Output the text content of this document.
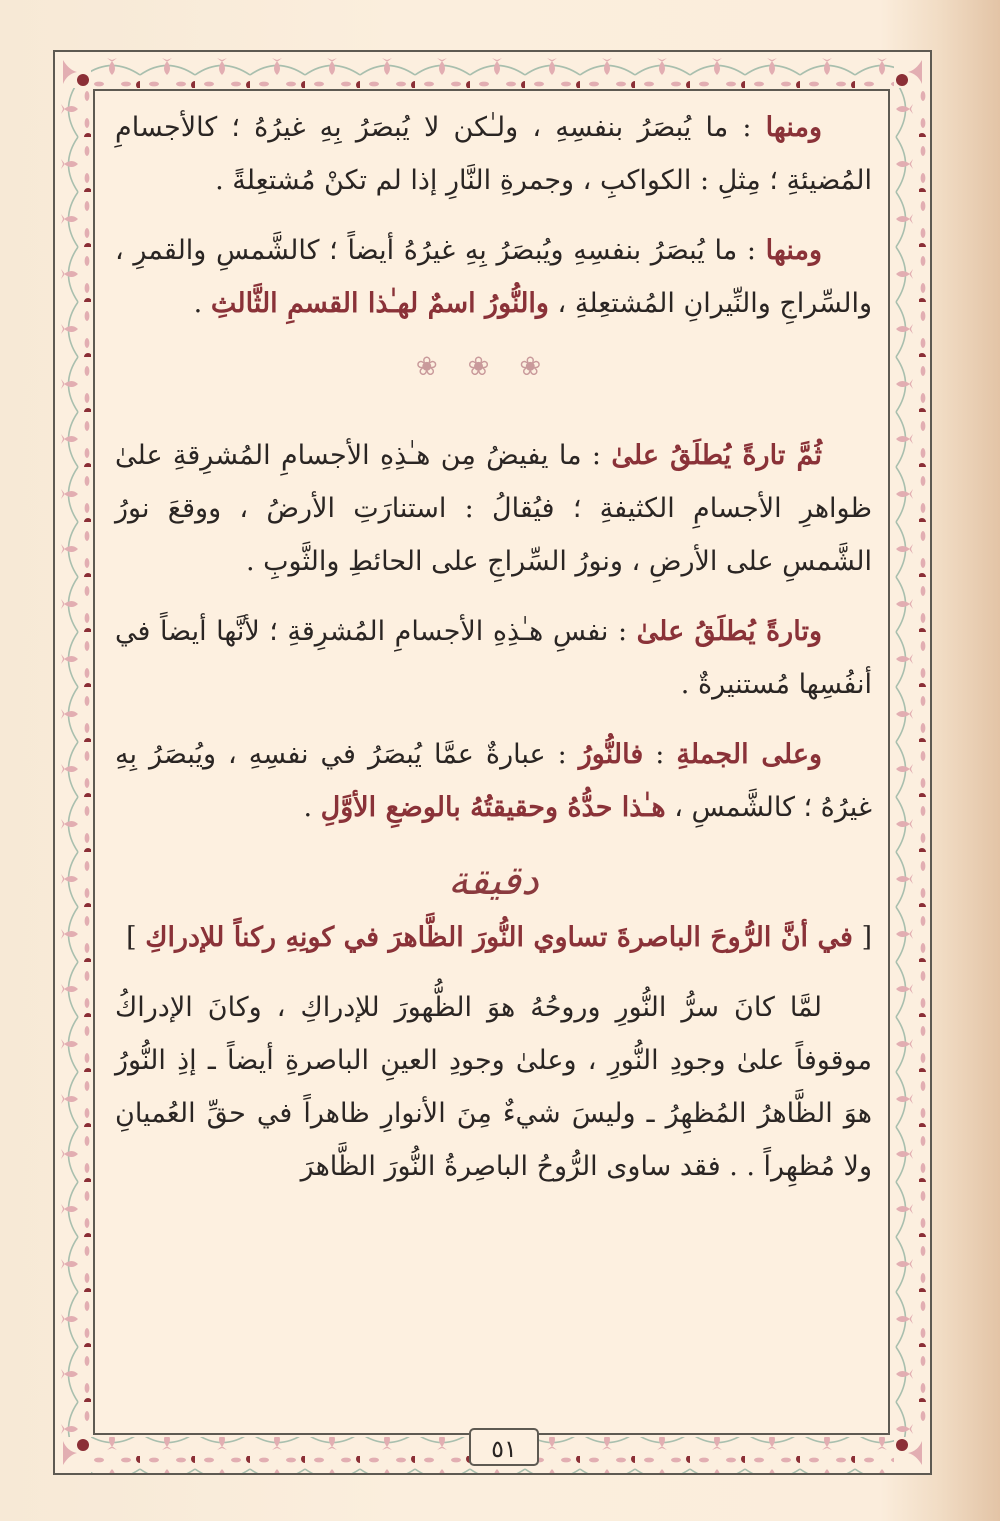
ومنها : ما يُبصَرُ بنفسِهِ ، ولـٰكن لا يُبصَرُ بِهِ غيرُهُ ؛ كالأجسامِ المُضيئةِ ؛ مِثلِ : الكواكبِ ، وجمرةِ النَّارِ إذا لم تكنْ مُشتعِلةً .

ومنها : ما يُبصَرُ بنفسِهِ ويُبصَرُ بِهِ غيرُهُ أيضاً ؛ كالشَّمسِ والقمرِ ، والسِّراجِ والنِّيرانِ المُشتعِلةِ ، والنُّورُ اسمٌ لهـٰذا القسمِ الثَّالثِ .

❀❀❀

ثُمَّ تارةً يُطلَقُ علىٰ : ما يفيضُ مِن هـٰذِهِ الأجسامِ المُشرِقةِ علىٰ ظواهرِ الأجسامِ الكثيفةِ ؛ فيُقالُ : استنارَتِ الأرضُ ، ووقعَ نورُ الشَّمسِ على الأرضِ ، ونورُ السِّراجِ على الحائطِ والثَّوبِ .

وتارةً يُطلَقُ علىٰ : نفسِ هـٰذِهِ الأجسامِ المُشرِقةِ ؛ لأنَّها أيضاً في أنفُسِها مُستنيرةٌ .

وعلى الجملةِ : فالنُّورُ : عبارةٌ عمَّا يُبصَرُ في نفسِهِ ، ويُبصَرُ بِهِ غيرُهُ ؛ كالشَّمسِ ، هـٰذا حدُّهُ وحقيقتُهُ بالوضعِ الأوَّلِ .

دقيقة

[ في أنَّ الرُّوحَ الباصرةَ تساوي النُّورَ الظَّاهرَ في كونِهِ ركناً للإدراكِ ]

لمَّا كانَ سرُّ النُّورِ وروحُهُ هوَ الظُّهورَ للإدراكِ ، وكانَ الإدراكُ موقوفاً علىٰ وجودِ النُّورِ ، وعلىٰ وجودِ العينِ الباصرةِ أيضاً ـ إذِ النُّورُ هوَ الظَّاهرُ المُظهِرُ ـ وليسَ شيءٌ مِنَ الأنوارِ ظاهراً في حقِّ العُميانِ ولا مُظهِراً . . فقد ساوى الرُّوحُ الباصِرةُ النُّورَ الظَّاهرَ

٥١
